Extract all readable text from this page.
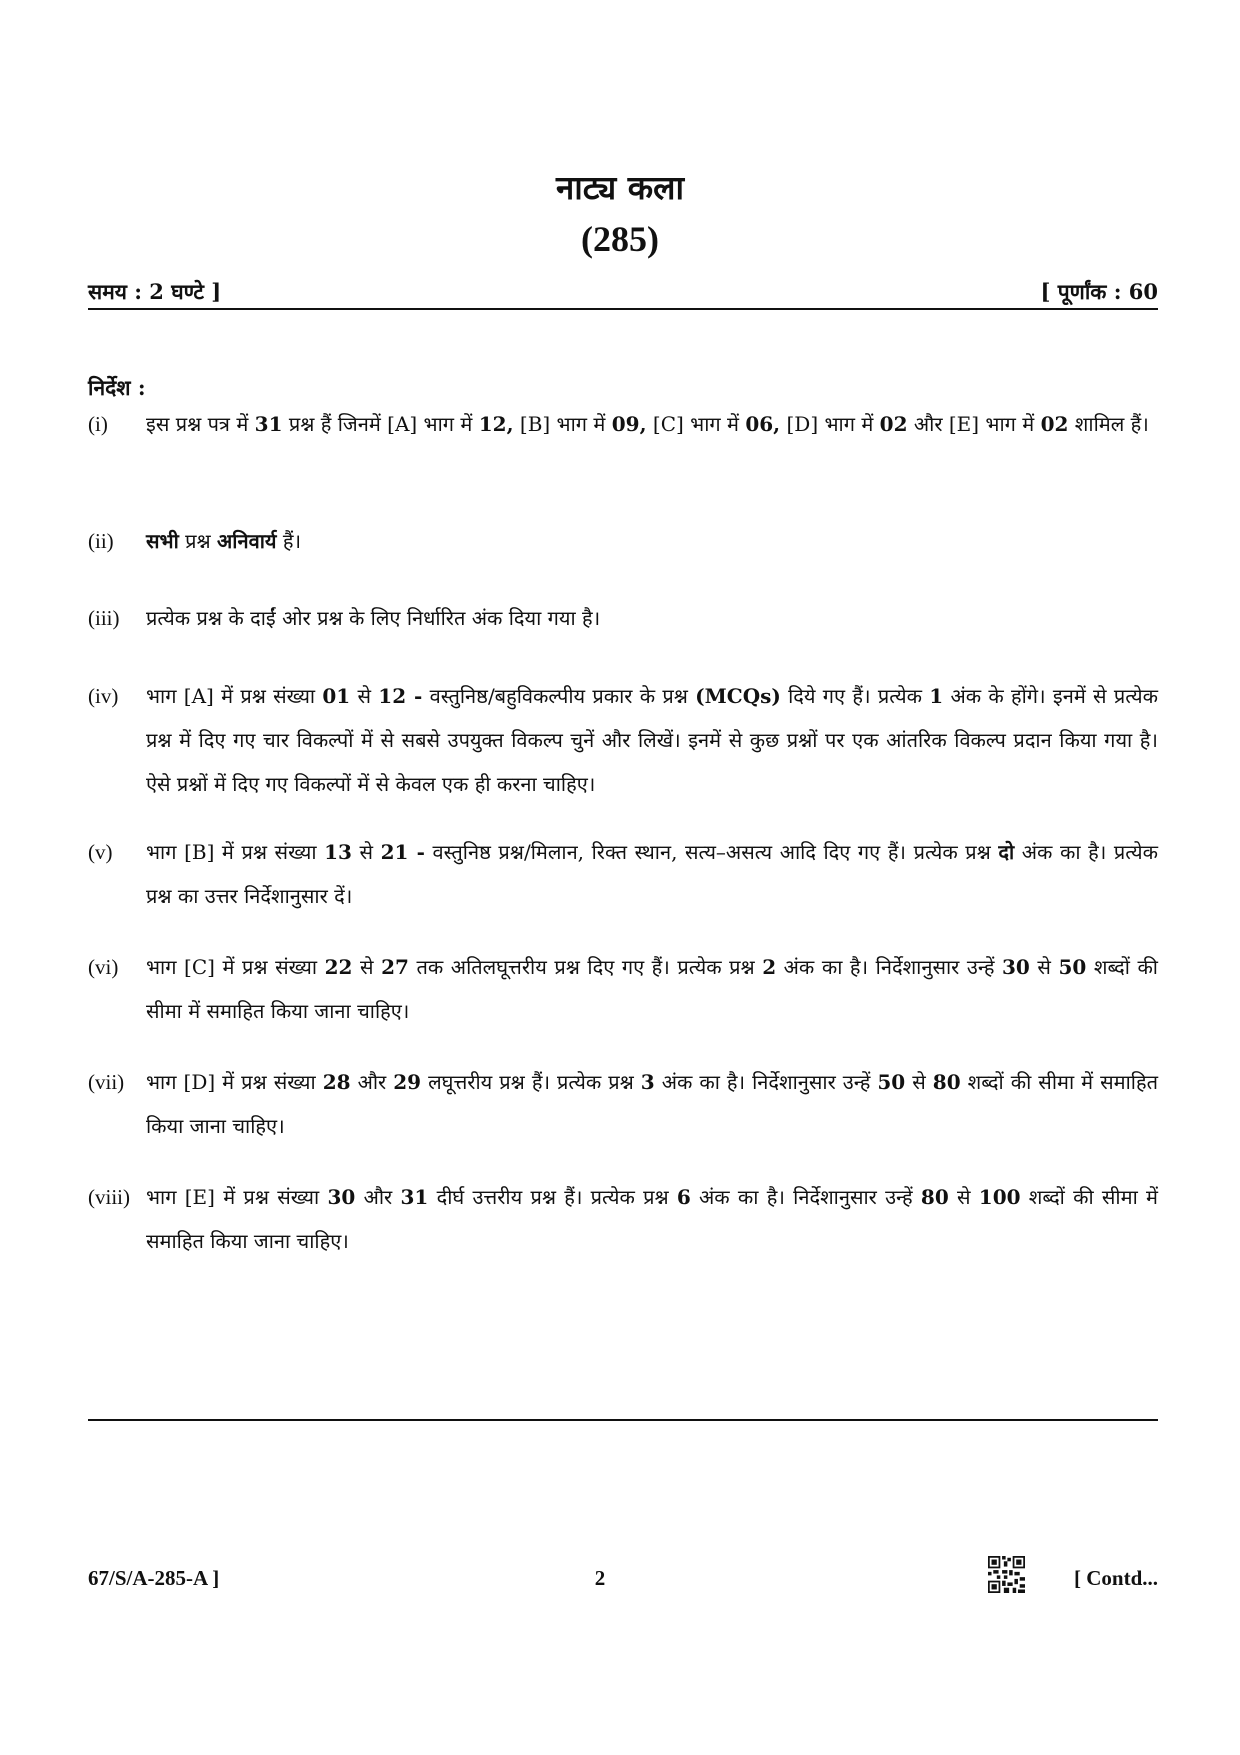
नाट्य कला
(285)
समय : 2 घण्टे ]	[ पूर्णांक : 60
निर्देश :
(i)	इस प्रश्न पत्र में 31 प्रश्न हैं जिनमें [A] भाग में 12, [B] भाग में 09, [C] भाग में 06, [D] भाग में 02 और [E] भाग में 02 शामिल हैं।
(ii)	सभी प्रश्न अनिवार्य हैं।
(iii)	प्रत्येक प्रश्न के दाईं ओर प्रश्न के लिए निर्धारित अंक दिया गया है।
(iv)	भाग [A] में प्रश्न संख्या 01 से 12 - वस्तुनिष्ठ/बहुविकल्पीय प्रकार के प्रश्न (MCQs) दिये गए हैं। प्रत्येक 1 अंक के होंगे। इनमें से प्रत्येक प्रश्न में दिए गए चार विकल्पों में से सबसे उपयुक्त विकल्प चुनें और लिखें। इनमें से कुछ प्रश्नों पर एक आंतरिक विकल्प प्रदान किया गया है। ऐसे प्रश्नों में दिए गए विकल्पों में से केवल एक ही करना चाहिए।
(v)	भाग [B] में प्रश्न संख्या 13 से 21 - वस्तुनिष्ठ प्रश्न/मिलान, रिक्त स्थान, सत्य–असत्य आदि दिए गए हैं। प्रत्येक प्रश्न दो अंक का है। प्रत्येक प्रश्न का उत्तर निर्देशानुसार दें।
(vi)	भाग [C] में प्रश्न संख्या 22 से 27 तक अतिलघूत्तरीय प्रश्न दिए गए हैं। प्रत्येक प्रश्न 2 अंक का है। निर्देशानुसार उन्हें 30 से 50 शब्दों की सीमा में समाहित किया जाना चाहिए।
(vii)	भाग [D] में प्रश्न संख्या 28 और 29 लघूत्तरीय प्रश्न हैं। प्रत्येक प्रश्न 3 अंक का है। निर्देशानुसार उन्हें 50 से 80 शब्दों की सीमा में समाहित किया जाना चाहिए।
(viii) भाग [E] में प्रश्न संख्या 30 और 31 दीर्घ उत्तरीय प्रश्न हैं। प्रत्येक प्रश्न 6 अंक का है। निर्देशानुसार उन्हें 80 से 100 शब्दों की सीमा में समाहित किया जाना चाहिए।
67/S/A-285-A ]	2	[ Contd...
